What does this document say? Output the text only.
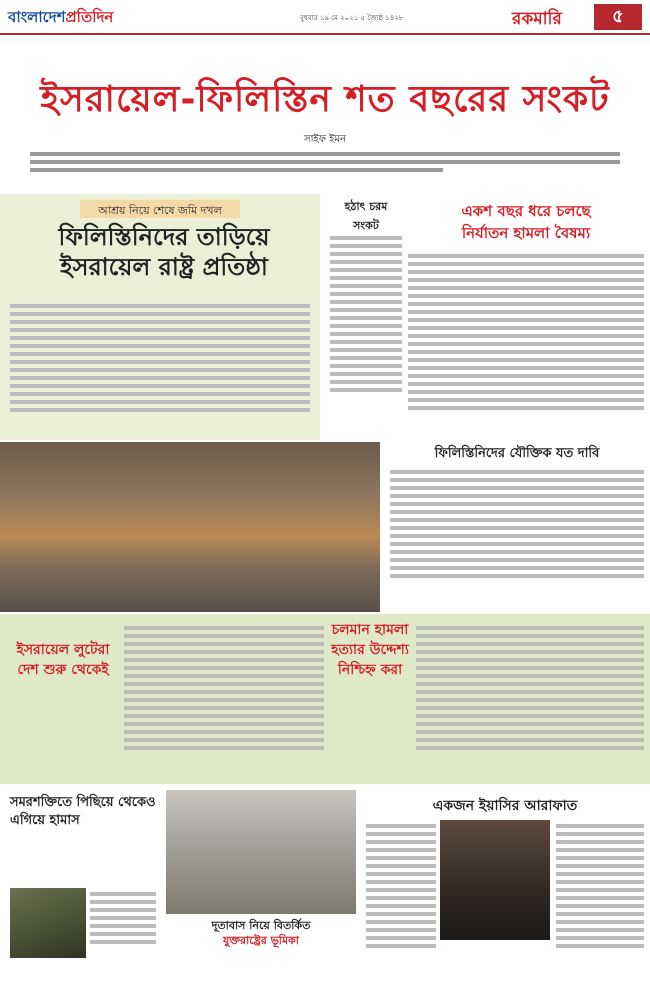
বাংলাদেশপ্রতিদিন	বুধবার ১৯ মে ২০২১ ৫ জ্যৈষ্ঠ ১৪২৮	রকমারি	৫
ইসরায়েল-ফিলিস্তিন শত বছরের সংকট
সাইফ ইমন
আশ্রয় নিয়ে শেষে জমি দখল
ফিলিস্তিনিদের তাড়িয়ে ইসরায়েল রাষ্ট্র প্রতিষ্ঠা
হঠাৎ চরম সংকট
একশ বছর ধরে চলছে
নির্যাতন হামলা বৈষম্য
ফিলিস্তিনিদের যৌক্তিক যত দাবি
ইসরায়েল লুটেরা দেশ শুরু থেকেই
চলমান হামলা হত্যার উদ্দেশ্য নিশ্চিহ্ন করা
সমরশক্তিতে পিছিয়ে থেকেও এগিয়ে হামাস
দূতাবাস নিয়ে বিতর্কিত
যুক্তরাষ্ট্রের ভূমিকা
একজন ইয়াসির আরাফাত
